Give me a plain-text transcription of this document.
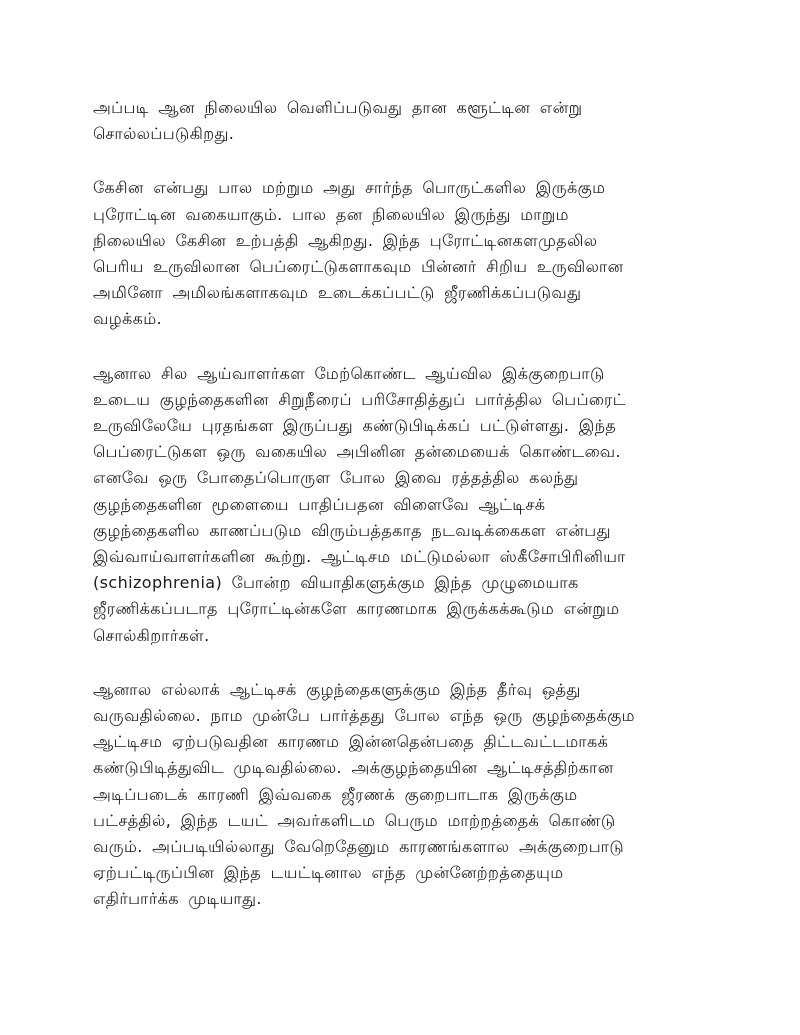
அப்படி ஆன நிலையில வெளிப்படுவது தான களூட்டின என்று
சொல்லப்படுகிறது.
கேசின என்பது பால மற்றும அது சார்ந்த பொருட்களில இருக்கும
புரோட்டின வகையாகும். பால தன நிலையில இருந்து மாறும
நிலையில கேசின உற்பத்தி ஆகிறது. இந்த புரோட்டினகளமுதலில
பெரிய உருவிலான பெப்ரைட்டுகளாகவும பின்னர் சிறிய உருவிலான
அமினோ அமிலங்களாகவும உடைக்கப்பட்டு ஜீரணிக்கப்படுவது
வழக்கம்.
ஆனால சில ஆய்வாளர்கள மேற்கொண்ட ஆய்வில இக்குறைபாடு
உடைய குழந்தைகளின சிறுநீரைப் பரிசோதித்துப் பார்த்தில பெப்ரைட்
உருவிலேயே புரதங்கள இருப்பது கண்டுபிடிக்கப் பட்டுள்ளது. இந்த
பெப்ரைட்டுகள ஒரு வகையில அபினின தன்மையைக் கொண்டவை.
எனவே ஒரு போதைப்பொருள போல இவை ரத்தத்தில கலந்து
குழந்தைகளின மூளையை பாதிப்பதன விளைவே ஆட்டிசக்
குழந்தைகளில காணப்படும விரும்பத்தகாத நடவடிக்கைகள என்பது
இவ்வாய்வாளர்களின கூற்று. ஆட்டிசம மட்டுமல்லா ஸ்கீசோபிரினியா
(schizophrenia) போன்ற வியாதிகளுக்கும இந்த முழுமையாக
ஜீரணிக்கப்படாத புரோட்டின்களே காரணமாக இருக்கக்கூடும என்றும
சொல்கிறார்கள்.
ஆனால எல்லாக் ஆட்டிசக் குழந்தைகளுக்கும இந்த தீர்வு ஒத்து
வருவதில்லை. நாம முன்பே பார்த்தது போல எந்த ஒரு குழந்தைக்கும
ஆட்டிசம ஏற்படுவதின காரணம இன்னதென்பதை திட்டவட்டமாகக்
கண்டுபிடித்துவிட முடிவதில்லை. அக்குழந்தையின ஆட்டிசத்திற்கான
அடிப்படைக் காரணி இவ்வகை ஜீரணக் குறைபாடாக இருக்கும
பட்சத்தில், இந்த டயட் அவர்களிடம பெரும மாற்றத்தைக் கொண்டு
வரும். அப்படியில்லாது வேறெதேனும காரணங்களால அக்குறைபாடு
ஏற்பட்டிருப்பின இந்த டயட்டினால எந்த முன்னேற்றத்தையும
எதிர்பார்க்க முடியாது.
